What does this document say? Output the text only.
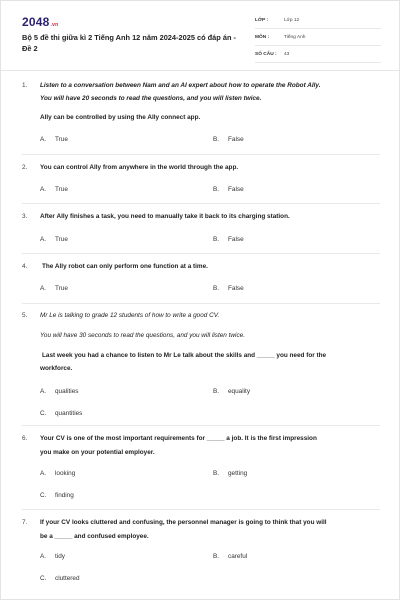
2048.vn
Bộ 5 đề thi giữa kì 2 Tiếng Anh 12 năm 2024-2025 có đáp án - Đề 2
LỚP :	Lớp 12
MÔN :	Tiếng Anh
SỐ CÂU : 43
1. Listen to a conversation between Nam and an AI expert about how to operate the Robot Ally.
You will have 20 seconds to read the questions, and you will listen twice.
Ally can be controlled by using the Ally connect app.
A. True	B. False
2. You can control Ally from anywhere in the world through the app.
A. True	B. False
3. After Ally finishes a task, you need to manually take it back to its charging station.
A. True	B. False
4. The Ally robot can only perform one function at a time.
A. True	B. False
5. Mr Le is talking to grade 12 students of how to write a good CV.
You will have 30 seconds to read the questions, and you will listen twice.
Last week you had a chance to listen to Mr Le talk about the skills and _____ you need for the
workforce.
A. qualities	B. equality
C. quantities
6. Your CV is one of the most important requirements for _____ a job. It is the first impression
you make on your potential employer.
A. looking	B. getting
C. finding
7. If your CV looks cluttered and confusing, the personnel manager is going to think that you will
be a _____ and confused employee.
A. tidy	B. careful
C. cluttered
